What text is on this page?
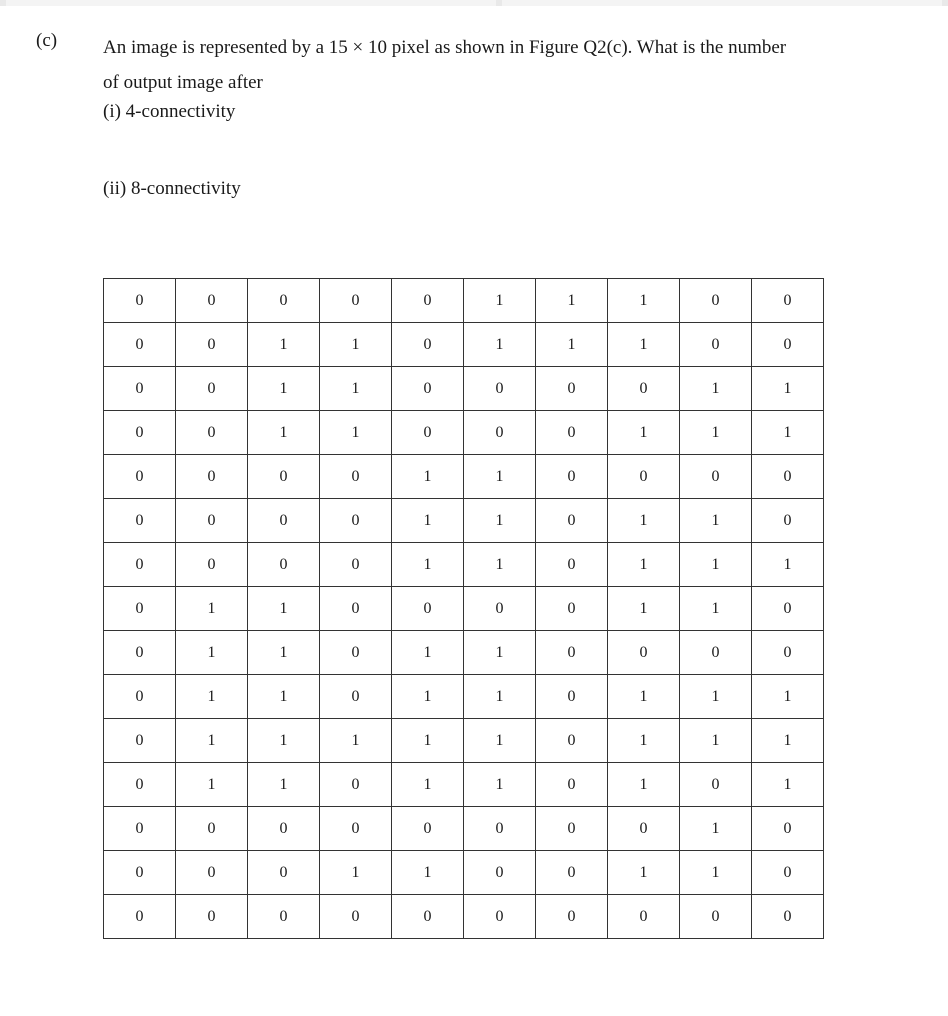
(c) An image is represented by a 15 × 10 pixel as shown in Figure Q2(c). What is the number
of output image after
(i) 4-connectivity
(ii) 8-connectivity
0	0	0	0	0	1	1	1	0	0
0	0	1	1	0	1	1	1	0	0
0	0	1	1	0	0	0	0	1	1
0	0	1	1	0	0	0	1	1	1
0	0	0	0	1	1	0	0	0	0
0	0	0	0	1	1	0	1	1	0
0	0	0	0	1	1	0	1	1	1
0	1	1	0	0	0	0	1	1	0
0	1	1	0	1	1	0	0	0	0
0	1	1	0	1	1	0	1	1	1
0	1	1	1	1	1	0	1	1	1
0	1	1	0	1	1	0	1	0	1
0	0	0	0	0	0	0	0	1	0
0	0	0	1	1	0	0	1	1	0
0	0	0	0	0	0	0	0	0	0
